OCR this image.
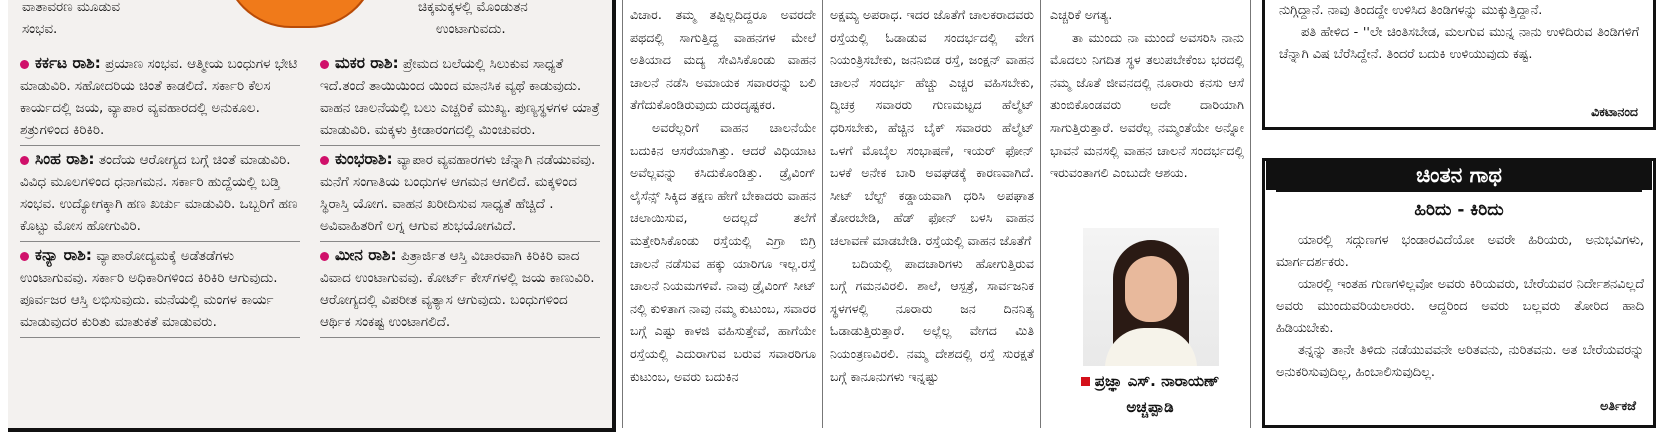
ವಾತಾವರಣ ಮೂಡುವ
ಸಂಭವ.
ಚಿಕ್ಕಮಕ್ಕಳಲ್ಲಿ ಮೊಂಡುತನ
ಉಂಟಾಗುವದು.
ಕರ್ಕಟ ರಾಶಿ: ಪ್ರಯಾಣ ಸಂಭವ. ಆತ್ಮೀಯ ಬಂಧುಗಳ ಭೇಟಿ ಮಾಡುವಿರಿ. ಸಹೋದರಿಯ ಚಿಂತೆ ಕಾಡಲಿದೆ. ಸರ್ಕಾರಿ ಕೆಲಸ ಕಾರ್ಯದಲ್ಲಿ ಜಯ, ವ್ಯಾಪಾರ ವ್ಯವಹಾರದಲ್ಲಿ ಅನುಕೂಲ. ಶತ್ರುಗಳಿಂದ ಕಿರಿಕಿರಿ.
ಸಿಂಹ ರಾಶಿ: ತಂದೆಯ ಆರೋಗ್ಯದ ಬಗ್ಗೆ ಚಿಂತೆ ಮಾಡುವಿರಿ. ವಿವಿಧ ಮೂಲಗಳಿಂದ ಧನಾಗಮನ. ಸರ್ಕಾರಿ ಹುದ್ದೆಯಲ್ಲಿ ಬಡ್ತಿ ಸಂಭವ. ಉದ್ಯೋಗಕ್ಕಾಗಿ ಹಣ ಖರ್ಚು ಮಾಡುವಿರಿ. ಒಬ್ಬರಿಗೆ ಹಣ ಕೊಟ್ಟು ಮೋಸ ಹೋಗುವಿರಿ.
ಕನ್ಯಾ ರಾಶಿ: ವ್ಯಾಪಾರೋದ್ಯಮಕ್ಕೆ ಅಡೆತಡೆಗಳು ಉಂಟಾಗುವವು. ಸರ್ಕಾರಿ ಅಧಿಕಾರಿಗಳಿಂದ ಕಿರಿಕಿರಿ ಆಗುವುದು. ಪೂರ್ವಜರ ಆಸ್ತಿ ಲಭಿಸುವುದು. ಮನೆಯಲ್ಲಿ ಮಂಗಳ ಕಾರ್ಯ ಮಾಡುವುದರ ಕುರಿತು ಮಾತುಕತೆ ಮಾಡುವರು.
ಮಕರ ರಾಶಿ: ಪ್ರೇಮದ ಬಲೆಯಲ್ಲಿ ಸಿಲುಕುವ ಸಾಧ್ಯತೆ ಇದೆ.ತಂದೆ ತಾಯಿಯಿಂದ ಯಿಂದ ಮಾನಸಿಕ ವ್ಯಥೆ ಕಾಡುವುದು. ವಾಹನ ಚಾಲನೆಯಲ್ಲಿ ಬಲು ಎಚ್ಚರಿಕೆ ಮುಖ್ಯ. ಪುಣ್ಯಸ್ಥಳಗಳ ಯಾತ್ರೆ ಮಾಡುವಿರಿ. ಮಕ್ಕಳು ಕ್ರೀಡಾರಂಗದಲ್ಲಿ ಮಿಂಚುವರು.
ಕುಂಭರಾಶಿ: ವ್ಯಾಪಾರ ವ್ಯವಹಾರಗಳು ಚೆನ್ನಾಗಿ ನಡೆಯುವವು. ಮನೆಗೆ ಸಂಗಾತಿಯ ಬಂಧುಗಳ ಆಗಮನ ಆಗಲಿದೆ. ಮಕ್ಕಳಿಂದ ಸ್ಥಿರಾಸ್ತಿ ಯೋಗ. ವಾಹನ ಖರೀದಿಸುವ ಸಾಧ್ಯತೆ ಹೆಚ್ಚಿದೆ . ಅವಿವಾಹಿತರಿಗೆ ಲಗ್ನ ಆಗುವ ಶುಭಯೋಗವಿದೆ.
ಮೀನ ರಾಶಿ: ಪಿತ್ರಾರ್ಜಿತ ಆಸ್ತಿ ವಿಚಾರವಾಗಿ ಕಿರಿಕಿರಿ ವಾದ ವಿವಾದ ಉಂಟಾಗುವವು. ಕೋರ್ಟ್ ಕೇಸ್‌ಗಳಲ್ಲಿ ಜಯ ಕಾಣುವಿರಿ. ಆರೋಗ್ಯದಲ್ಲಿ ವಿಪರೀತ ವ್ಯತ್ಯಾಸ ಆಗುವುದು. ಬಂಧುಗಳಿಂದ ಆರ್ಥಿಕ ಸಂಕಷ್ಟ ಉಂಟಾಗಲಿದೆ.

ವಿಚಾರ. ತಮ್ಮ ತಪ್ಪಿಲ್ಲದಿದ್ದರೂ ಅವರದೇ ಪಥದಲ್ಲಿ ಸಾಗುತ್ತಿದ್ದ ವಾಹನಗಳ ಮೇಲೆ ಅತಿಯಾದ ಮದ್ಯ ಸೇವಿಸಿಕೊಂಡು ವಾಹನ ಚಾಲನೆ ನಡೆಸಿ ಅಮಾಯಕ ಸವಾರರನ್ನು ಬಲಿ ತೆಗೆದುಕೊಂಡಿರುವುದು ದುರದೃಷ್ಟಕರ.

ಅವರೆಲ್ಲರಿಗೆ ವಾಹನ ಚಾಲನೆಯೇ ಬದುಕಿನ ಆಸರೆಯಾಗಿತ್ತು. ಆದರೆ ವಿಧಿಯಾಟ ಅವೆಲ್ಲವನ್ನು ಕಸಿದುಕೊಂಡಿತ್ತು. ಡ್ರೈವಿಂಗ್ ಲೈಸೆನ್ಸ್ ಸಿಕ್ಕಿದ ತಕ್ಷಣ ಹೇಗೆ ಬೇಕಾದರು ವಾಹನ ಚಲಾಯಿಸುವ, ಅದಲ್ಲದೆ ತಲೆಗೆ ಮತ್ತೇರಿಸಿಕೊಂಡು ರಸ್ತೆಯಲ್ಲಿ ಎಗ್ರಾ ಬಿಗ್ರಿ ಚಾಲನೆ ನಡೆಸುವ ಹಕ್ಕು ಯಾರಿಗೂ ಇಲ್ಲ.ರಸ್ತೆ ಚಾಲನೆ ನಿಯಮಗಳಿವೆ. ನಾವು ಡ್ರೈವಿಂಗ್ ಸೀಟ್ ನಲ್ಲಿ ಕುಳಿತಾಗ ನಾವು ನಮ್ಮ ಕುಟುಂಬ, ಸವಾರರ ಬಗ್ಗೆ ಎಷ್ಟು ಕಾಳಜಿ ವಹಿಸುತ್ತೇವೆ, ಹಾಗೆಯೇ ರಸ್ತೆಯಲ್ಲಿ ಎದುರಾಗುವ ಬರುವ ಸವಾರರಿಗೂ ಕುಟುಂಬ, ಅವರು ಬದುಕಿನ

ಅಕ್ಷಮ್ಯ ಅಪರಾಧ. ಇದರ ಜೊತೆಗೆ ಚಾಲಕರಾದವರು ರಸ್ತೆಯಲ್ಲಿ ಓಡಾಡುವ ಸಂದರ್ಭದಲ್ಲಿ ವೇಗ ನಿಯಂತ್ರಿಸಬೇಕು, ಜನನಿಬಿಡ ರಸ್ತೆ, ಜಂಕ್ಷನ್ ವಾಹನ ಚಾಲನೆ ಸಂದರ್ಭ ಹೆಚ್ಚು ಎಚ್ಚರ ವಹಿಸಬೇಕು, ದ್ವಿಚಕ್ರ ಸವಾರರು ಗುಣಮಟ್ಟದ ಹೆಲ್ಮೆಟ್ ಧರಿಸಬೇಕು, ಹೆಚ್ಚಿನ ಬೈಕ್ ಸವಾರರು ಹೆಲ್ಮೆಟ್ ಒಳಗೆ ಮೊಬೈಲ ಸಂಭಾಷಣೆ, ಇಯರ್ ಫೋನ್ ಬಳಕೆ ಅನೇಕ ಬಾರಿ ಅವಘಡಕ್ಕೆ ಕಾರಣವಾಗಿದೆ. ಸೀಟ್ ಬೆಲ್ಟ್ ಕಡ್ಡಾಯವಾಗಿ ಧರಿಸಿ ಅಪಘಾತ ತೋರಬೇಡಿ, ಹೆಡ್ ಫೋನ್ ಬಳಸಿ ವಾಹನ ಚಲಾವಣೆ ಮಾಡಬೇಡಿ. ರಸ್ತೆಯಲ್ಲಿ ವಾಹನ ಜೊತೆಗೆ

ಬದಿಯಲ್ಲಿ ಪಾದಚಾರಿಗಳು ಹೋಗುತ್ತಿರುವ ಬಗ್ಗೆ ಗಮನವಿರಲಿ. ಶಾಲೆ, ಆಸ್ಪತ್ರೆ, ಸಾರ್ವಜನಿಕ ಸ್ಥಳಗಳಲ್ಲಿ ನೂರಾರು ಜನ ದಿನನಿತ್ಯ ಓಡಾಡುತ್ತಿರುತ್ತಾರೆ. ಅಲ್ಲೆಲ್ಲ ವೇಗದ ಮಿತಿ ನಿಯಂತ್ರಣವಿರಲಿ. ನಮ್ಮ ದೇಶದಲ್ಲಿ ರಸ್ತೆ ಸುರಕ್ಷತೆ ಬಗ್ಗೆ ಕಾನೂನುಗಳು ಇನ್ನಷ್ಟು

ಎಚ್ಚರಿಕೆ ಅಗತ್ಯ.

ತಾ ಮುಂದು ನಾ ಮುಂದೆ ಅವಸರಿಸಿ ನಾನು ಮೊದಲು ನಿಗದಿತ ಸ್ಥಳ ತಲುಪಬೇಕೆಂಬ ಭರದಲ್ಲಿ ನಮ್ಮ ಜೊತೆ ಜೀವನದಲ್ಲಿ ನೂರಾರು ಕನಸು ಆಸೆ ತುಂಬಿಕೊಂಡವರು ಅದೇ ದಾರಿಯಾಗಿ ಸಾಗುತ್ತಿರುತ್ತಾರೆ. ಅವರೆಲ್ಲ ನಮ್ಮಂತೆಯೇ ಅನ್ನೋ ಭಾವನೆ ಮನಸಲ್ಲಿ ವಾಹನ ಚಾಲನೆ ಸಂದರ್ಭದಲ್ಲಿ ಇರುವಂತಾಗಲಿ ಎಂಬುದೇ ಆಶಯ.

ಪ್ರಜ್ಞಾ ಎಸ್. ನಾರಾಯಣ್
ಅಚ್ಚಪ್ಪಾಡಿ

ನುಗ್ಗಿದ್ದಾನೆ. ನಾವು ತಿಂದದ್ದೇ ಉಳಿಸಿದ ತಿಂಡಿಗಳನ್ನು ಮುಕ್ಕುತ್ತಿದ್ದಾನೆ.

ಪತಿ ಹೇಳಿದ - ''ಲೇ ಚಿಂತಿಸಬೇಡ, ಮಲಗುವ ಮುನ್ನ ನಾನು ಉಳಿದಿರುವ ತಿಂಡಿಗಳಿಗೆ ಚೆನ್ನಾಗಿ ವಿಷ ಬೆರೆಸಿದ್ದೇನೆ. ತಿಂದರೆ ಬದುಕಿ ಉಳಿಯುವುದು ಕಷ್ಟ.

ವಿಕಟಾನಂದ
ಚಿಂತನ ಗಾಥ
ಹಿರಿದು - ಕಿರಿದು

ಯಾರಲ್ಲಿ ಸದ್ಗುಣಗಳ ಭಂಡಾರವಿದೆಯೋ ಅವರೇ ಹಿರಿಯರು, ಅನುಭವಿಗಳು, ಮಾರ್ಗದರ್ಶಕರು.

ಯಾರಲ್ಲಿ ಇಂತಹ ಗುಣಗಳಿಲ್ಲವೋ ಅವರು ಕಿರಿಯವರು, ಬೇರೆಯವರ ನಿರ್ದೇಶನವಿಲ್ಲದೆ ಅವರು ಮುಂದುವರಿಯಲಾರರು. ಆದ್ದರಿಂದ ಅವರು ಬಲ್ಲವರು ತೋರಿದ ಹಾದಿ ಹಿಡಿಯಬೇಕು.

ತನ್ನನ್ನು ತಾನೇ ತಿಳಿದು ನಡೆಯುವವನೇ ಅರಿತವನು, ನುರಿತವನು. ಅತ ಬೇರೆಯವರನ್ನು ಅನುಕರಿಸುವುದಿಲ್ಲ, ಹಿಂಬಾಲಿಸುವುದಿಲ್ಲ.

ಅರ್ತಿಕಜೆ
